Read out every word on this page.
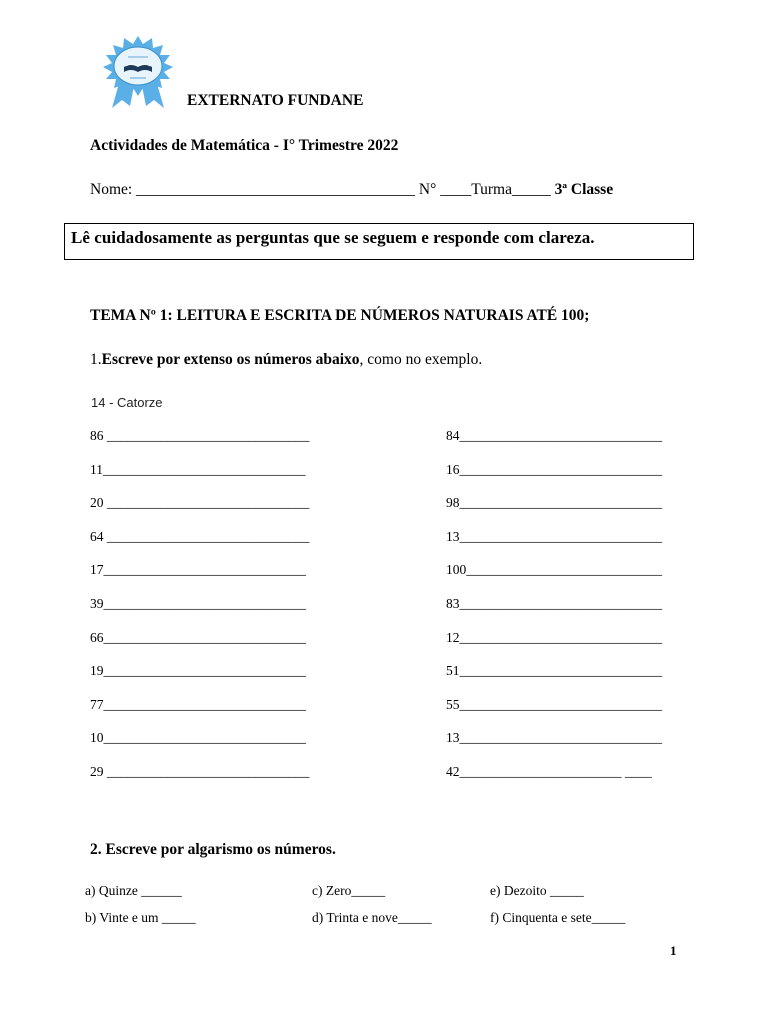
EXTERNATO FUNDANE
Actividades de Matemática - I° Trimestre 2022
Nome: ____________________________________ N° ____Turma_____ 3ª Classe
Lê cuidadosamente as perguntas que se seguem e responde com clareza.
TEMA Nº 1: LEITURA E ESCRITA DE NÚMEROS NATURAIS ATÉ 100;
1.Escreve por extenso os números abaixo, como no exemplo.
14 - Catorze
86 ______________________________
11______________________________
20 ______________________________
64 ______________________________
17______________________________
39______________________________
66______________________________
19______________________________
77______________________________
10______________________________
29 ______________________________
84______________________________
16______________________________
98______________________________
13______________________________
100_____________________________
83______________________________
12______________________________
51______________________________
55______________________________
13______________________________
42________________________ ____
2. Escreve por algarismo os números.
a) Quinze ______	c) Zero_____	e) Dezoito _____
b) Vinte e um _____	d) Trinta e nove_____	f) Cinquenta e sete_____
1
